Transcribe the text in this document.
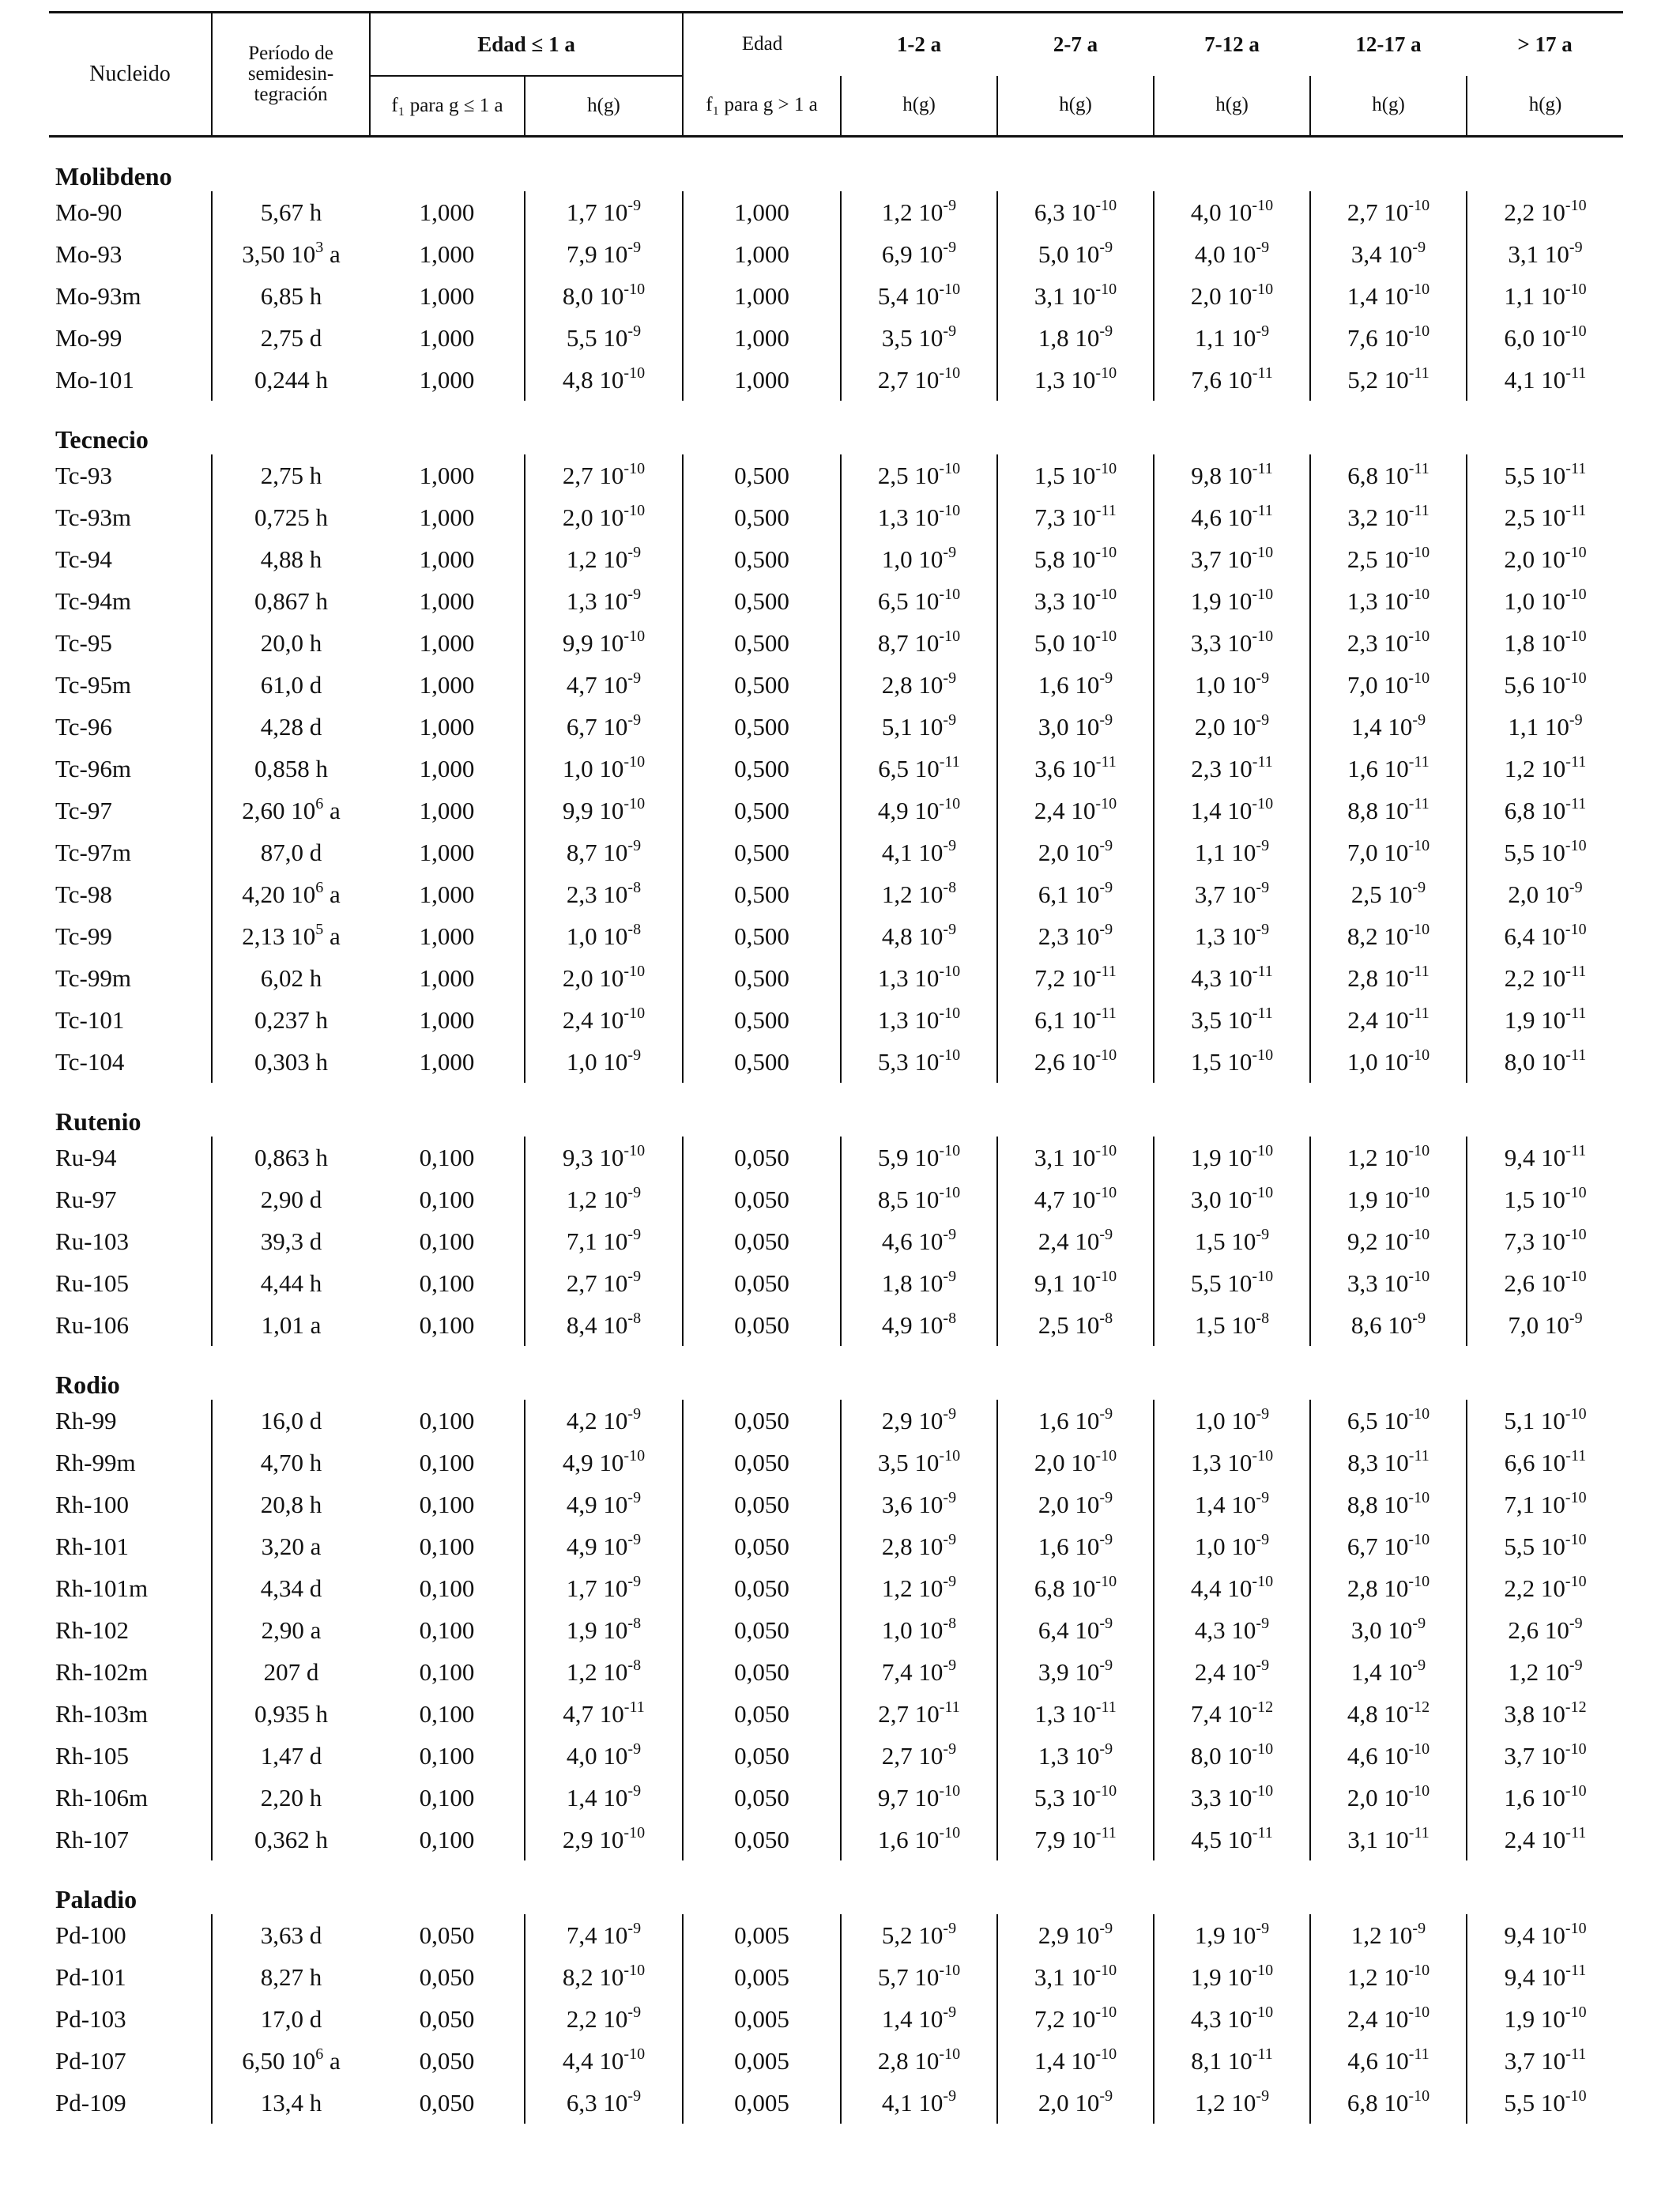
Nucleido	Período de semidesin-tegración	Edad ≤ 1 a		Edad	1-2 a	2-7 a	7-12 a	12-17 a	> 17 a
		f₁ para g ≤ 1 a	h(g)	f₁ para g > 1 a	h(g)	h(g)	h(g)	h(g)	h(g)
Molibdeno									
Mo-90	5,67 h	1,000	1,7 $10^{-9}$	1,000	1,2 $10^{-9}$	6,3 $10^{-10}$	4,0 $10^{-10}$	2,7 $10^{-10}$	2,2 $10^{-10}$
Mo-93	3,50 $10^3$ a	1,000	7,9 $10^{-9}$	1,000	6,9 $10^{-9}$	5,0 $10^{-9}$	4,0 $10^{-9}$	3,4 $10^{-9}$	3,1 $10^{-9}$
Mo-93m	6,85 h	1,000	8,0 $10^{-10}$	1,000	5,4 $10^{-10}$	3,1 $10^{-10}$	2,0 $10^{-10}$	1,4 $10^{-10}$	1,1 $10^{-10}$
Mo-99	2,75 d	1,000	5,5 $10^{-9}$	1,000	3,5 $10^{-9}$	1,8 $10^{-9}$	1,1 $10^{-9}$	7,6 $10^{-10}$	6,0 $10^{-10}$
Mo-101	0,244 h	1,000	4,8 $10^{-10}$	1,000	2,7 $10^{-10}$	1,3 $10^{-10}$	7,6 $10^{-11}$	5,2 $10^{-11}$	4,1 $10^{-11}$
Tecnecio									
Tc-93	2,75 h	1,000	2,7 $10^{-10}$	0,500	2,5 $10^{-10}$	1,5 $10^{-10}$	9,8 $10^{-11}$	6,8 $10^{-11}$	5,5 $10^{-11}$
Tc-93m	0,725 h	1,000	2,0 $10^{-10}$	0,500	1,3 $10^{-10}$	7,3 $10^{-11}$	4,6 $10^{-11}$	3,2 $10^{-11}$	2,5 $10^{-11}$
Tc-94	4,88 h	1,000	1,2 $10^{-9}$	0,500	1,0 $10^{-9}$	5,8 $10^{-10}$	3,7 $10^{-10}$	2,5 $10^{-10}$	2,0 $10^{-10}$
Tc-94m	0,867 h	1,000	1,3 $10^{-9}$	0,500	6,5 $10^{-10}$	3,3 $10^{-10}$	1,9 $10^{-10}$	1,3 $10^{-10}$	1,0 $10^{-10}$
Tc-95	20,0 h	1,000	9,9 $10^{-10}$	0,500	8,7 $10^{-10}$	5,0 $10^{-10}$	3,3 $10^{-10}$	2,3 $10^{-10}$	1,8 $10^{-10}$
Tc-95m	61,0 d	1,000	4,7 $10^{-9}$	0,500	2,8 $10^{-9}$	1,6 $10^{-9}$	1,0 $10^{-9}$	7,0 $10^{-10}$	5,6 $10^{-10}$
Tc-96	4,28 d	1,000	6,7 $10^{-9}$	0,500	5,1 $10^{-9}$	3,0 $10^{-9}$	2,0 $10^{-9}$	1,4 $10^{-9}$	1,1 $10^{-9}$
Tc-96m	0,858 h	1,000	1,0 $10^{-10}$	0,500	6,5 $10^{-11}$	3,6 $10^{-11}$	2,3 $10^{-11}$	1,6 $10^{-11}$	1,2 $10^{-11}$
Tc-97	2,60 $10^6$ a	1,000	9,9 $10^{-10}$	0,500	4,9 $10^{-10}$	2,4 $10^{-10}$	1,4 $10^{-10}$	8,8 $10^{-11}$	6,8 $10^{-11}$
Tc-97m	87,0 d	1,000	8,7 $10^{-9}$	0,500	4,1 $10^{-9}$	2,0 $10^{-9}$	1,1 $10^{-9}$	7,0 $10^{-10}$	5,5 $10^{-10}$
Tc-98	4,20 $10^6$ a	1,000	2,3 $10^{-8}$	0,500	1,2 $10^{-8}$	6,1 $10^{-9}$	3,7 $10^{-9}$	2,5 $10^{-9}$	2,0 $10^{-9}$
Tc-99	2,13 $10^5$ a	1,000	1,0 $10^{-8}$	0,500	4,8 $10^{-9}$	2,3 $10^{-9}$	1,3 $10^{-9}$	8,2 $10^{-10}$	6,4 $10^{-10}$
Tc-99m	6,02 h	1,000	2,0 $10^{-10}$	0,500	1,3 $10^{-10}$	7,2 $10^{-11}$	4,3 $10^{-11}$	2,8 $10^{-11}$	2,2 $10^{-11}$
Tc-101	0,237 h	1,000	2,4 $10^{-10}$	0,500	1,3 $10^{-10}$	6,1 $10^{-11}$	3,5 $10^{-11}$	2,4 $10^{-11}$	1,9 $10^{-11}$
Tc-104	0,303 h	1,000	1,0 $10^{-9}$	0,500	5,3 $10^{-10}$	2,6 $10^{-10}$	1,5 $10^{-10}$	1,0 $10^{-10}$	8,0 $10^{-11}$
Rutenio									
Ru-94	0,863 h	0,100	9,3 $10^{-10}$	0,050	5,9 $10^{-10}$	3,1 $10^{-10}$	1,9 $10^{-10}$	1,2 $10^{-10}$	9,4 $10^{-11}$
Ru-97	2,90 d	0,100	1,2 $10^{-9}$	0,050	8,5 $10^{-10}$	4,7 $10^{-10}$	3,0 $10^{-10}$	1,9 $10^{-10}$	1,5 $10^{-10}$
Ru-103	39,3 d	0,100	7,1 $10^{-9}$	0,050	4,6 $10^{-9}$	2,4 $10^{-9}$	1,5 $10^{-9}$	9,2 $10^{-10}$	7,3 $10^{-10}$
Ru-105	4,44 h	0,100	2,7 $10^{-9}$	0,050	1,8 $10^{-9}$	9,1 $10^{-10}$	5,5 $10^{-10}$	3,3 $10^{-10}$	2,6 $10^{-10}$
Ru-106	1,01 a	0,100	8,4 $10^{-8}$	0,050	4,9 $10^{-8}$	2,5 $10^{-8}$	1,5 $10^{-8}$	8,6 $10^{-9}$	7,0 $10^{-9}$
Rodio									
Rh-99	16,0 d	0,100	4,2 $10^{-9}$	0,050	2,9 $10^{-9}$	1,6 $10^{-9}$	1,0 $10^{-9}$	6,5 $10^{-10}$	5,1 $10^{-10}$
Rh-99m	4,70 h	0,100	4,9 $10^{-10}$	0,050	3,5 $10^{-10}$	2,0 $10^{-10}$	1,3 $10^{-10}$	8,3 $10^{-11}$	6,6 $10^{-11}$
Rh-100	20,8 h	0,100	4,9 $10^{-9}$	0,050	3,6 $10^{-9}$	2,0 $10^{-9}$	1,4 $10^{-9}$	8,8 $10^{-10}$	7,1 $10^{-10}$
Rh-101	3,20 a	0,100	4,9 $10^{-9}$	0,050	2,8 $10^{-9}$	1,6 $10^{-9}$	1,0 $10^{-9}$	6,7 $10^{-10}$	5,5 $10^{-10}$
Rh-101m	4,34 d	0,100	1,7 $10^{-9}$	0,050	1,2 $10^{-9}$	6,8 $10^{-10}$	4,4 $10^{-10}$	2,8 $10^{-10}$	2,2 $10^{-10}$
Rh-102	2,90 a	0,100	1,9 $10^{-8}$	0,050	1,0 $10^{-8}$	6,4 $10^{-9}$	4,3 $10^{-9}$	3,0 $10^{-9}$	2,6 $10^{-9}$
Rh-102m	207 d	0,100	1,2 $10^{-8}$	0,050	7,4 $10^{-9}$	3,9 $10^{-9}$	2,4 $10^{-9}$	1,4 $10^{-9}$	1,2 $10^{-9}$
Rh-103m	0,935 h	0,100	4,7 $10^{-11}$	0,050	2,7 $10^{-11}$	1,3 $10^{-11}$	7,4 $10^{-12}$	4,8 $10^{-12}$	3,8 $10^{-12}$
Rh-105	1,47 d	0,100	4,0 $10^{-9}$	0,050	2,7 $10^{-9}$	1,3 $10^{-9}$	8,0 $10^{-10}$	4,6 $10^{-10}$	3,7 $10^{-10}$
Rh-106m	2,20 h	0,100	1,4 $10^{-9}$	0,050	9,7 $10^{-10}$	5,3 $10^{-10}$	3,3 $10^{-10}$	2,0 $10^{-10}$	1,6 $10^{-10}$
Rh-107	0,362 h	0,100	2,9 $10^{-10}$	0,050	1,6 $10^{-10}$	7,9 $10^{-11}$	4,5 $10^{-11}$	3,1 $10^{-11}$	2,4 $10^{-11}$
Paladio									
Pd-100	3,63 d	0,050	7,4 $10^{-9}$	0,005	5,2 $10^{-9}$	2,9 $10^{-9}$	1,9 $10^{-9}$	1,2 $10^{-9}$	9,4 $10^{-10}$
Pd-101	8,27 h	0,050	8,2 $10^{-10}$	0,005	5,7 $10^{-10}$	3,1 $10^{-10}$	1,9 $10^{-10}$	1,2 $10^{-10}$	9,4 $10^{-11}$
Pd-103	17,0 d	0,050	2,2 $10^{-9}$	0,005	1,4 $10^{-9}$	7,2 $10^{-10}$	4,3 $10^{-10}$	2,4 $10^{-10}$	1,9 $10^{-10}$
Pd-107	6,50 $10^6$ a	0,050	4,4 $10^{-10}$	0,005	2,8 $10^{-10}$	1,4 $10^{-10}$	8,1 $10^{-11}$	4,6 $10^{-11}$	3,7 $10^{-11}$
Pd-109	13,4 h	0,050	6,3 $10^{-9}$	0,005	4,1 $10^{-9}$	2,0 $10^{-9}$	1,2 $10^{-9}$	6,8 $10^{-10}$	5,5 $10^{-10}$
